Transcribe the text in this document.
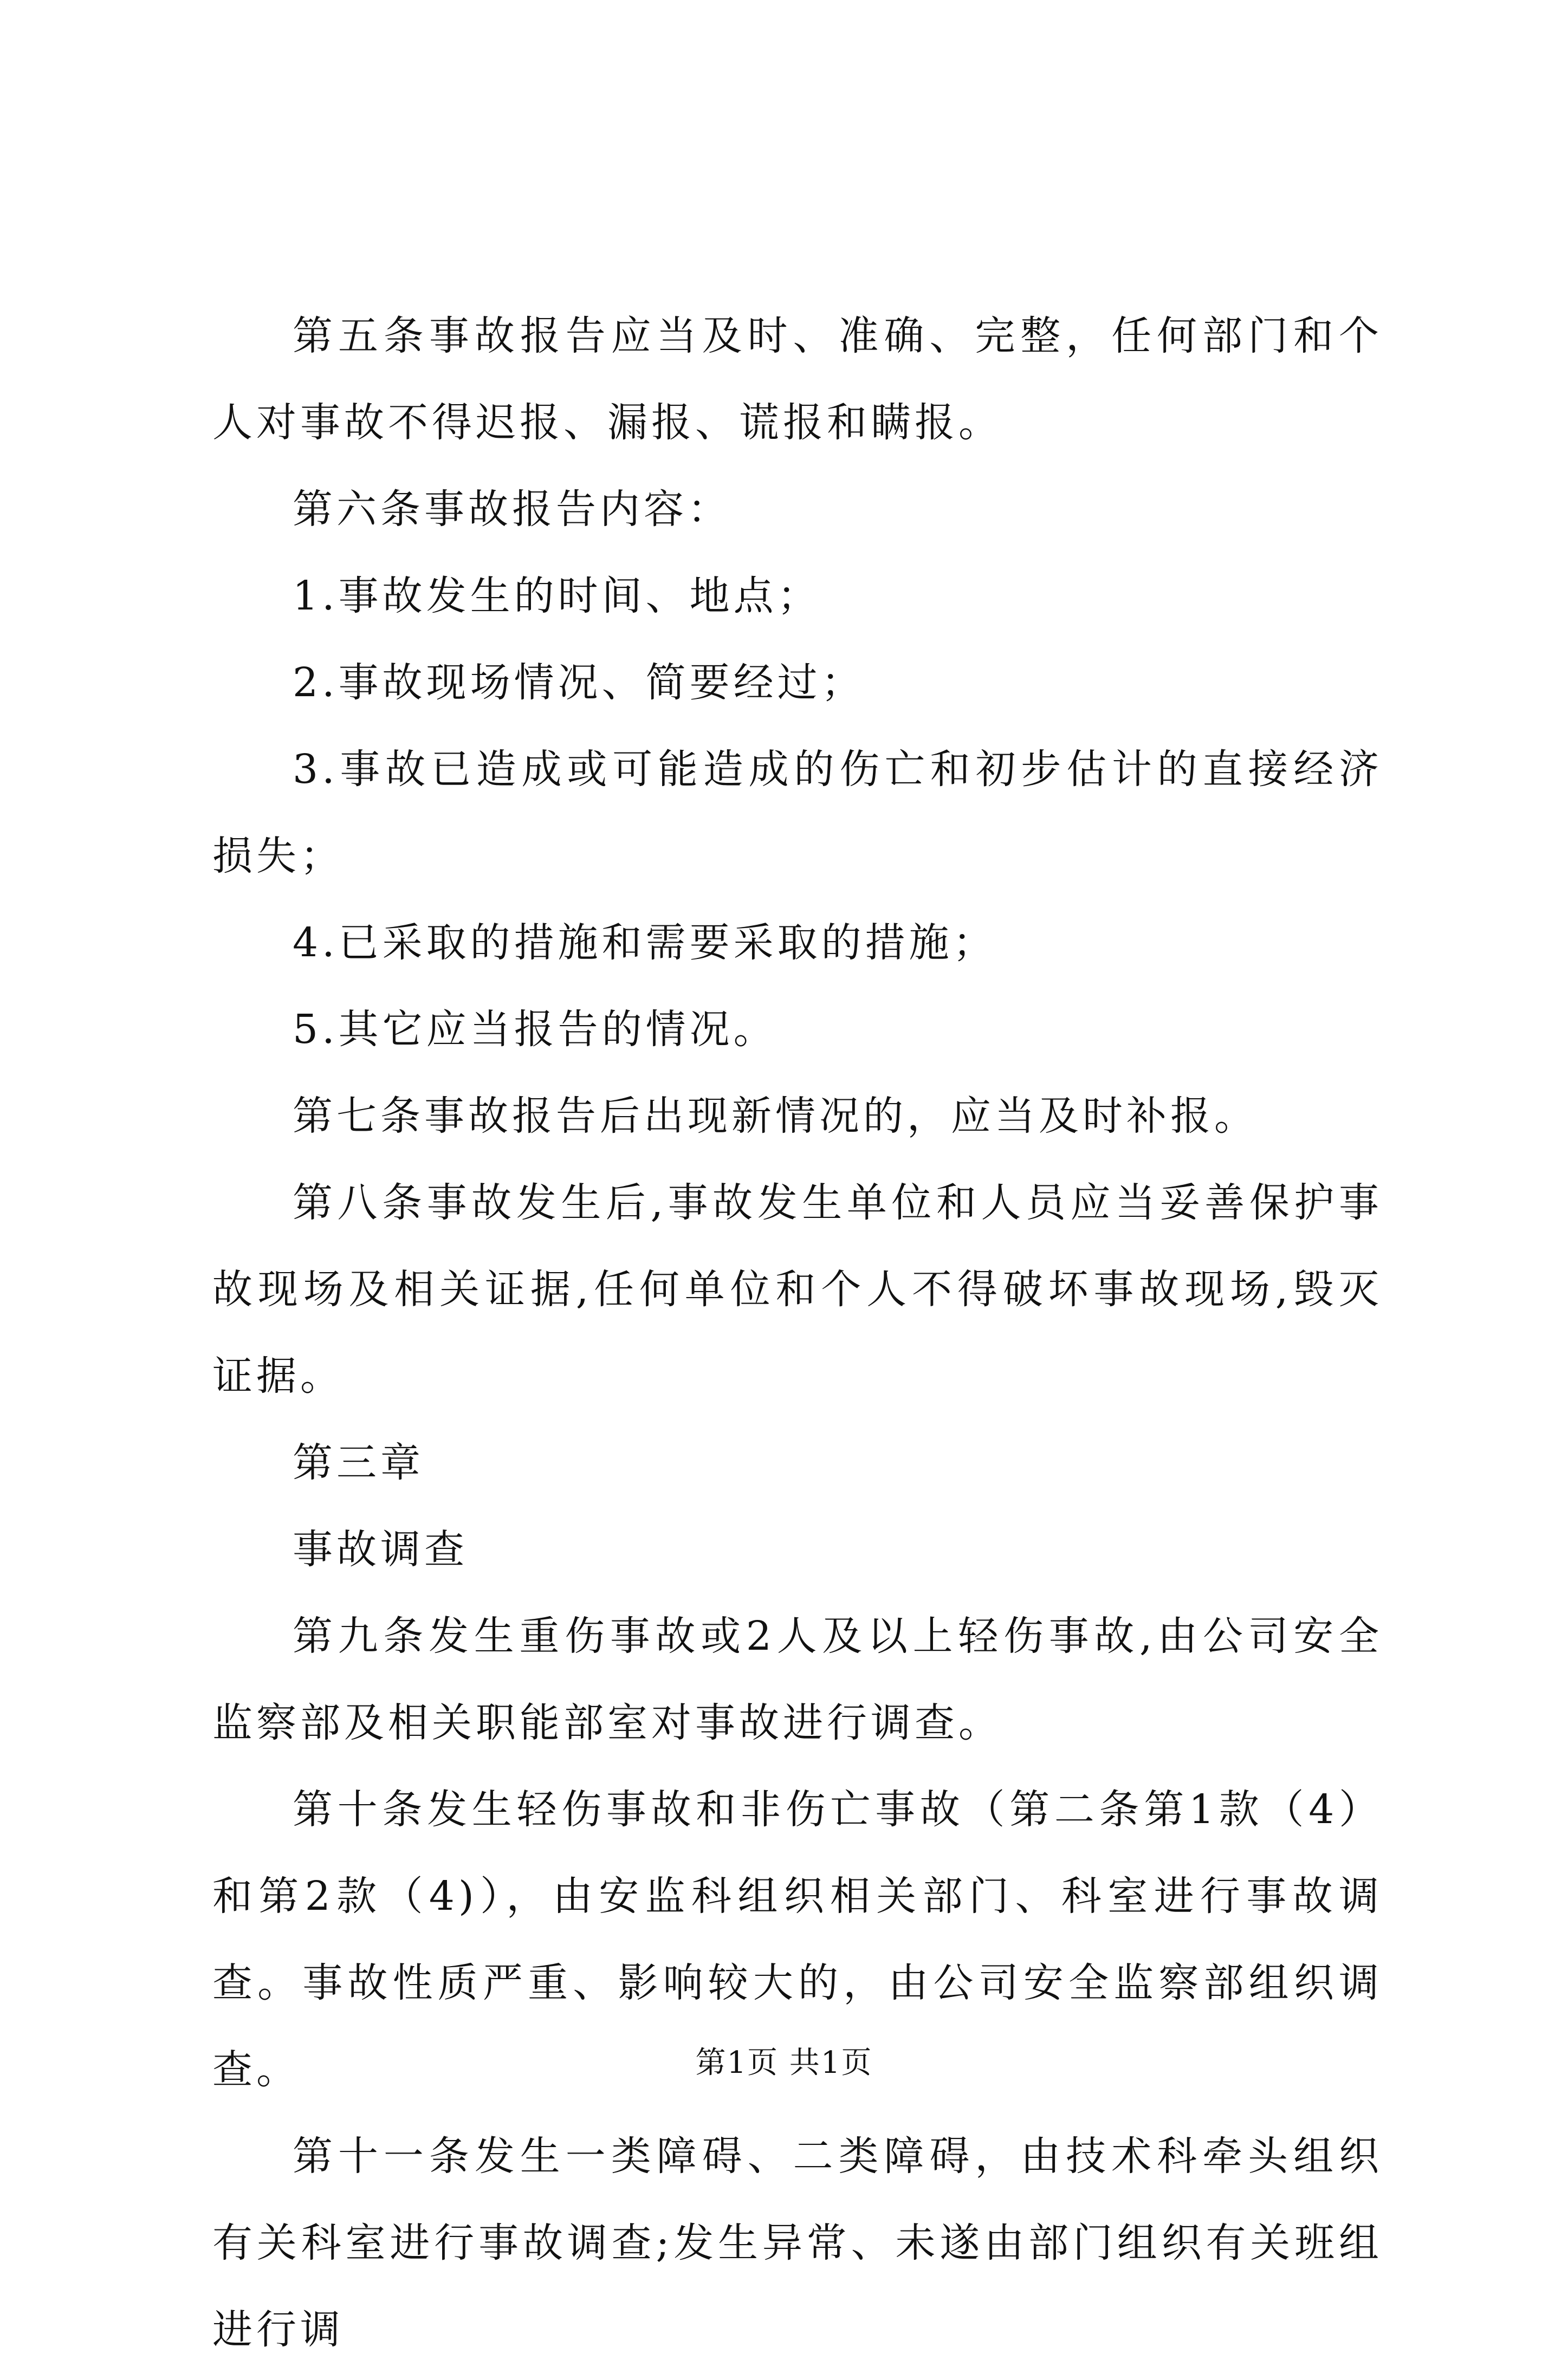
第五条事故报告应当及时、准确、完整，任何部门和个人对事故不得迟报、漏报、谎报和瞒报。

第六条事故报告内容：

1.事故发生的时间、地点；

2.事故现场情况、简要经过；

3.事故已造成或可能造成的伤亡和初步估计的直接经济损失；

4.已采取的措施和需要采取的措施；

5.其它应当报告的情况。

第七条事故报告后出现新情况的，应当及时补报。

第八条事故发生后,事故发生单位和人员应当妥善保护事故现场及相关证据,任何单位和个人不得破坏事故现场,毁灭证据。

第三章

事故调查

第九条发生重伤事故或2人及以上轻伤事故,由公司安全监察部及相关职能部室对事故进行调查。

第十条发生轻伤事故和非伤亡事故（第二条第1款（4）和第2款（4)），由安监科组织相关部门、科室进行事故调查。事故性质严重、影响较大的，由公司安全监察部组织调查。

第十一条发生一类障碍、二类障碍，由技术科牵头组织有关科室进行事故调查;发生异常、未遂由部门组织有关班组进行调

第1页 共1页
